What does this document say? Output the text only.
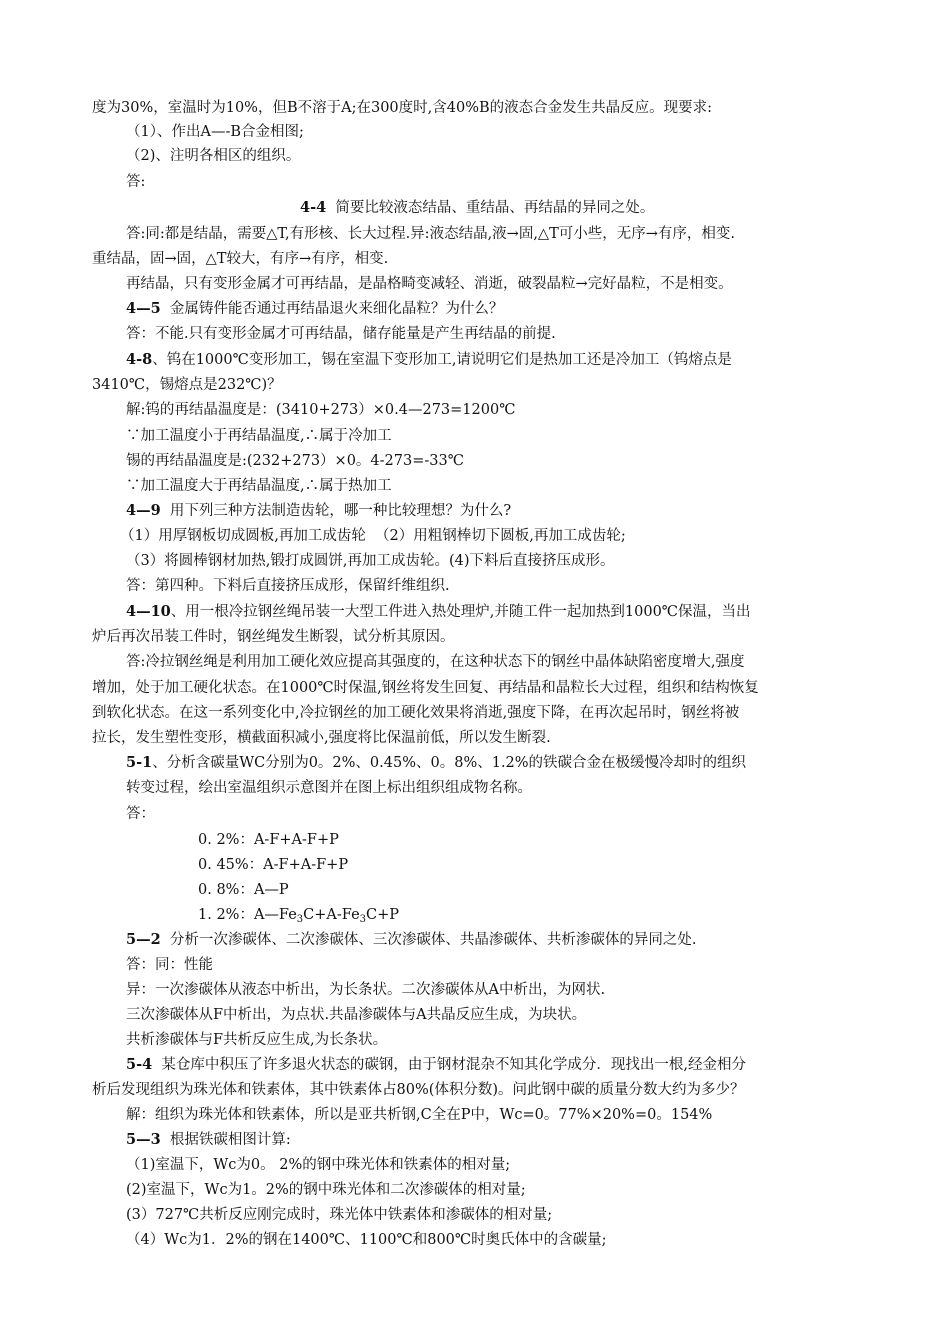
度为30%，室温时为10%，但B不溶于A;在300度时,含40%B的液态合金发生共晶反应。现要求:
（1）、作出A—-B合金相图;
（2)、注明各相区的组织。
答:
4-4  简要比较液态结晶、重结晶、再结晶的异同之处。
答:同:都是结晶，需要△T,有形核、长大过程.异:液态结晶,液→固,△T可小些，无序→有序，相变.
重结晶，固→固，△T较大，有序→有序，相变.
再结晶，只有变形金属才可再结晶，是晶格畸变减轻、消逝，破裂晶粒→完好晶粒，不是相变。
4—5  金属铸件能否通过再结晶退火来细化晶粒？为什么？
答：不能.只有变形金属才可再结晶，储存能量是产生再结晶的前提.
4-8、钨在1000℃变形加工，锡在室温下变形加工,请说明它们是热加工还是冷加工（钨熔点是
3410℃，锡熔点是232℃)？
解:钨的再结晶温度是：(3410+273）×0.4—273=1200℃
∵加工温度小于再结晶温度,∴属于冷加工
锡的再结晶温度是:(232+273）×0。4-273=-33℃
∵加工温度大于再结晶温度,∴属于热加工
4—9  用下列三种方法制造齿轮，哪一种比较理想？为什么?
（1）用厚钢板切成圆板,再加工成齿轮  （2）用粗钢棒切下圆板,再加工成齿轮;
（3）将圆棒钢材加热,锻打成圆饼,再加工成齿轮。(4)下料后直接挤压成形。
答：第四种。下料后直接挤压成形，保留纤维组织.
4—10、用一根冷拉钢丝绳吊装一大型工件进入热处理炉,并随工件一起加热到1000℃保温，当出
炉后再次吊装工件时，钢丝绳发生断裂，试分析其原因。
答:冷拉钢丝绳是利用加工硬化效应提高其强度的，在这种状态下的钢丝中晶体缺陷密度增大,强度
增加，处于加工硬化状态。在1000℃时保温,钢丝将发生回复、再结晶和晶粒长大过程，组织和结构恢复
到软化状态。在这一系列变化中,冷拉钢丝的加工硬化效果将消逝,强度下降，在再次起吊时，钢丝将被
拉长，发生塑性变形，横截面积减小,强度将比保温前低，所以发生断裂.
5-1、分析含碳量WC分别为0。2%、0.45%、0。8%、1.2%的铁碳合金在极缓慢冷却时的组织
转变过程，绘出室温组织示意图并在图上标出组织组成物名称。
答：
0. 2%：A-F+A-F+P
0. 45%：A-F+A-F+P
0. 8%：A—P
1. 2%：$A—Fe_3C+A-Fe_3C+P$
5—2  分析一次渗碳体、二次渗碳体、三次渗碳体、共晶渗碳体、共析渗碳体的异同之处.
答：同：性能
异：一次渗碳体从液态中析出，为长条状。二次渗碳体从A中析出，为网状.
三次渗碳体从F中析出，为点状.共晶渗碳体与A共晶反应生成，为块状。
共析渗碳体与F共析反应生成,为长条状。
5-4  某仓库中积压了许多退火状态的碳钢，由于钢材混杂不知其化学成分．现找出一根,经金相分
析后发现组织为珠光体和铁素体，其中铁素体占80%(体积分数)。问此钢中碳的质量分数大约为多少？
解：组织为珠光体和铁素体，所以是亚共析钢,C全在P中，Wc=0。77%×20%=0。154%
5—3  根据铁碳相图计算:
（1)室温下，Wc为0。 2%的钢中珠光体和铁素体的相对量;
(2)室温下，Wc为1。2%的钢中珠光体和二次渗碳体的相对量;
(3）727℃共析反应刚完成时，珠光体中铁素体和渗碳体的相对量;
（4）Wc为1．2%的钢在1400℃、1100℃和800℃时奥氏体中的含碳量;
